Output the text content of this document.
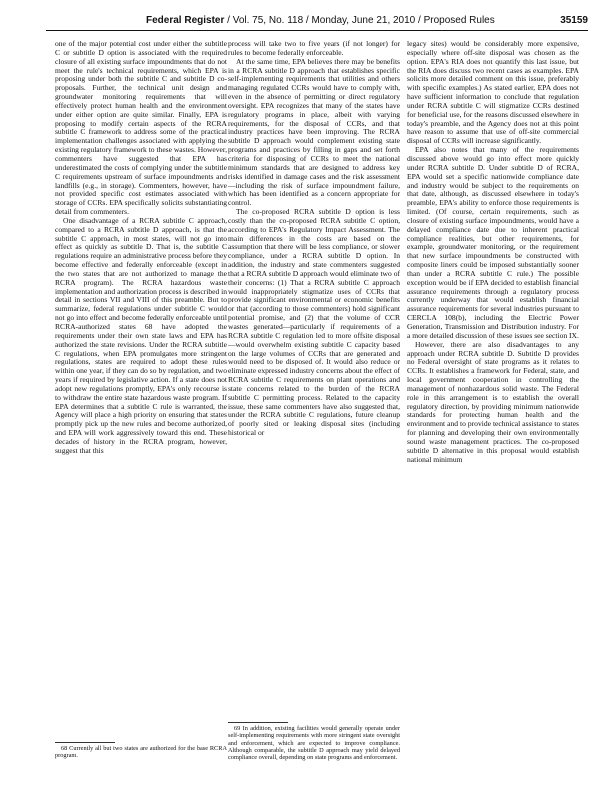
Federal Register / Vol. 75, No. 118 / Monday, June 21, 2010 / Proposed Rules	35159

one of the major potential cost under either the subtitle C or subtitle D option is associated with the required closure of all existing surface impoundments that do not meet the rule's technical requirements, which EPA is proposing under both the subtitle C and subtitle D co-proposals. Further, the technical unit design and groundwater monitoring requirements that will effectively protect human health and the environment under either option are quite similar. Finally, EPA is proposing to modify certain aspects of the RCRA subtitle C framework to address some of the practical implementation challenges associated with applying the existing regulatory framework to these wastes. However, commenters have suggested that EPA has underestimated the costs of complying under the subtitle C requirements upstream of surface impoundments and landfills (e.g., in storage). Commenters, however, have not provided specific cost estimates associated with storage of CCRs. EPA specifically solicits substantiating detail from commenters.

One disadvantage of a RCRA subtitle C approach, compared to a RCRA subtitle D approach, is that the subtitle C approach, in most states, will not go into effect as quickly as subtitle D. That is, the subtitle C regulations require an administrative process before they become effective and federally enforceable (except in the two states that are not authorized to manage the RCRA program). The RCRA hazardous waste implementation and authorization process is described in detail in sections VII and VIII of this preamble. But to summarize, federal regulations under subtitle C would not go into effect and become federally enforceable until RCRA-authorized states 68 have adopted the requirements under their own state laws and EPA has authorized the state revisions. Under the RCRA subtitle C regulations, when EPA promulgates more stringent regulations, states are required to adopt these rules within one year, if they can do so by regulation, and two years if required by legislative action. If a state does not adopt new regulations promptly, EPA's only recourse is to withdraw the entire state hazardous waste program. If EPA determines that a subtitle C rule is warranted, the Agency will place a high priority on ensuring that states promptly pick up the new rules and become authorized, and EPA will work aggressively toward this end. These decades of history in the RCRA program, however, suggest that this

process will take two to five years (if not longer) for rules to become federally enforceable.

At the same time, EPA believes there may be benefits in a RCRA subtitle D approach that establishes specific self-implementing requirements that utilities and others managing regulated CCRs would have to comply with, even in the absence of permitting or direct regulatory oversight. EPA recognizes that many of the states have regulatory programs in place, albeit with varying requirements, for the disposal of CCRs, and that industry practices have been improving. The RCRA subtitle D approach would complement existing state programs and practices by filling in gaps and set forth criteria for disposing of CCRs to meet the national minimum standards that are designed to address key risks identified in damage cases and the risk assessment—including the risk of surface impoundment failure, which has been identified as a concern appropriate for control.

The co-proposed RCRA subtitle D option is less costly than the co-proposed RCRA subtitle C option, according to EPA's Regulatory Impact Assessment. The main differences in the costs are based on the assumption that there will be less compliance, or slower compliance, under a RCRA subtitle D option. In addition, the industry and state commenters suggested that a RCRA subtitle D approach would eliminate two of their concerns: (1) That a RCRA subtitle C approach would inappropriately stigmatize uses of CCRs that provide significant environmental or economic benefits or that (according to those commenters) hold significant potential promise, and (2) that the volume of CCR wastes generated—particularly if requirements of a RCRA subtitle C regulation led to more offsite disposal—would overwhelm existing subtitle C capacity based on the large volumes of CCRs that are generated and would need to be disposed of. It would also reduce or eliminate expressed industry concerns about the effect of RCRA subtitle C requirements on plant operations and state concerns related to the burden of the RCRA subtitle C permitting process. Related to the capacity issue, these same commenters have also suggested that, under the RCRA subtitle C regulations, future cleanup of poorly sited or leaking disposal sites (including historical or

legacy sites) would be considerably more expensive, especially where off-site disposal was chosen as the option. EPA's RIA does not quantify this last issue, but the RIA does discuss two recent cases as examples. EPA solicits more detailed comment on this issue, preferably with specific examples.) As stated earlier, EPA does not have sufficient information to conclude that regulation under RCRA subtitle C will stigmatize CCRs destined for beneficial use, for the reasons discussed elsewhere in today's preamble, and the Agency does not at this point have reason to assume that use of off-site commercial disposal of CCRs will increase significantly.

EPA also notes that many of the requirements discussed above would go into effect more quickly under RCRA subtitle D. Under subtitle D of RCRA, EPA would set a specific nationwide compliance date and industry would be subject to the requirements on that date, although, as discussed elsewhere in today's preamble, EPA's ability to enforce those requirements is limited. (Of course, certain requirements, such as closure of existing surface impoundments, would have a delayed compliance date due to inherent practical compliance realities, but other requirements, for example, groundwater monitoring, or the requirement that new surface impoundments be constructed with composite liners could be imposed substantially sooner than under a RCRA subtitle C rule.) The possible exception would be if EPA decided to establish financial assurance requirements through a regulatory process currently underway that would establish financial assurance requirements for several industries pursuant to CERCLA 108(b), including the Electric Power Generation, Transmission and Distribution industry. For a more detailed discussion of these issues see section IX.

However, there are also disadvantages to any approach under RCRA subtitle D. Subtitle D provides no Federal oversight of state programs as it relates to CCRs. It establishes a framework for Federal, state, and local government cooperation in controlling the management of nonhazardous solid waste. The Federal role in this arrangement is to establish the overall regulatory direction, by providing minimum nationwide standards for protecting human health and the environment and to provide technical assistance to states for planning and developing their own environmentally sound waste management practices. The co-proposed subtitle D alternative in this proposal would establish national minimum

68 Currently all but two states are authorized for the base RCRA program.

69 In addition, existing facilities would generally operate under self-implementing requirements with more stringent state oversight and enforcement, which are expected to improve compliance. Although comparable, the subtitle D approach may yield delayed compliance overall, depending on state programs and enforcement.
